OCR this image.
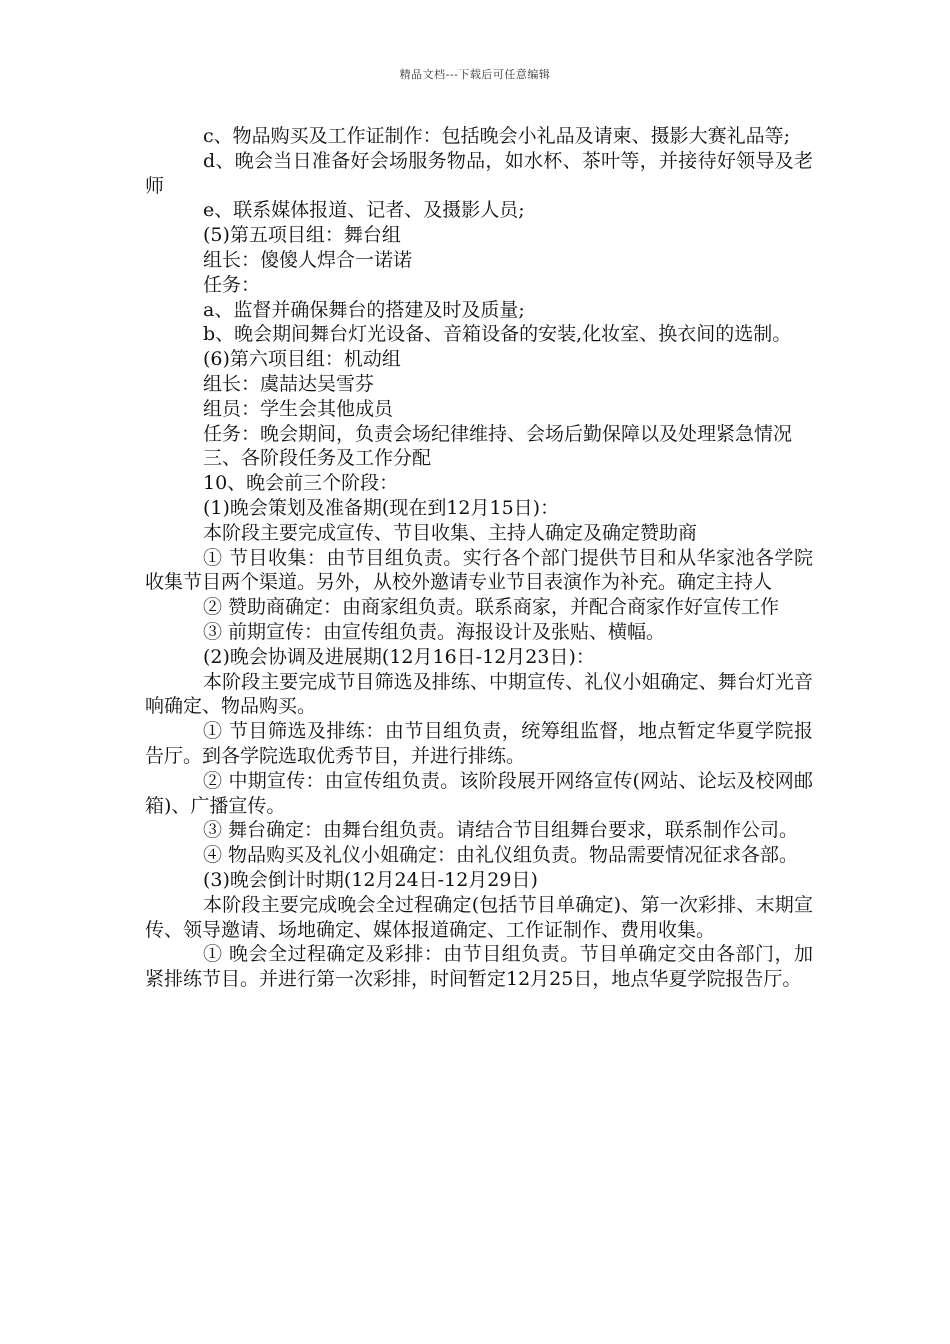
精品文档---下载后可任意编辑

c、物品购买及工作证制作：包括晚会小礼品及请柬、摄影大赛礼品等;

d、晚会当日准备好会场服务物品，如水杯、茶叶等，并接待好领导及老师

e、联系媒体报道、记者、及摄影人员;

(5)第五项目组：舞台组

组长：傻傻人焊合一诺诺

任务：

a、监督并确保舞台的搭建及时及质量;

b、晚会期间舞台灯光设备、音箱设备的安装,化妆室、换衣间的选制。

(6)第六项目组：机动组

组长：虞喆达吴雪芬

组员：学生会其他成员

任务：晚会期间，负责会场纪律维持、会场后勤保障以及处理紧急情况

三、各阶段任务及工作分配

10、晚会前三个阶段：

(1)晚会策划及准备期(现在到12月15日)：

本阶段主要完成宣传、节目收集、主持人确定及确定赞助商

① 节目收集：由节目组负责。实行各个部门提供节目和从华家池各学院收集节目两个渠道。另外，从校外邀请专业节目表演作为补充。确定主持人

② 赞助商确定：由商家组负责。联系商家，并配合商家作好宣传工作

③ 前期宣传：由宣传组负责。海报设计及张贴、横幅。

(2)晚会协调及进展期(12月16日-12月23日)：

本阶段主要完成节目筛选及排练、中期宣传、礼仪小姐确定、舞台灯光音响确定、物品购买。

① 节目筛选及排练：由节目组负责，统筹组监督，地点暂定华夏学院报告厅。到各学院选取优秀节目，并进行排练。

② 中期宣传：由宣传组负责。该阶段展开网络宣传(网站、论坛及校网邮 箱)、广播宣传。

③ 舞台确定：由舞台组负责。请结合节目组舞台要求，联系制作公司。

④ 物品购买及礼仪小姐确定：由礼仪组负责。物品需要情况征求各部。

(3)晚会倒计时期(12月24日-12月29日)

本阶段主要完成晚会全过程确定(包括节目单确定)、第一次彩排、末期宣传、领导邀请、场地确定、媒体报道确定、工作证制作、费用收集。

① 晚会全过程确定及彩排：由节目组负责。节目单确定交由各部门，加紧排练节目。并进行第一次彩排，时间暂定12月25日，地点华夏学院报告厅。
